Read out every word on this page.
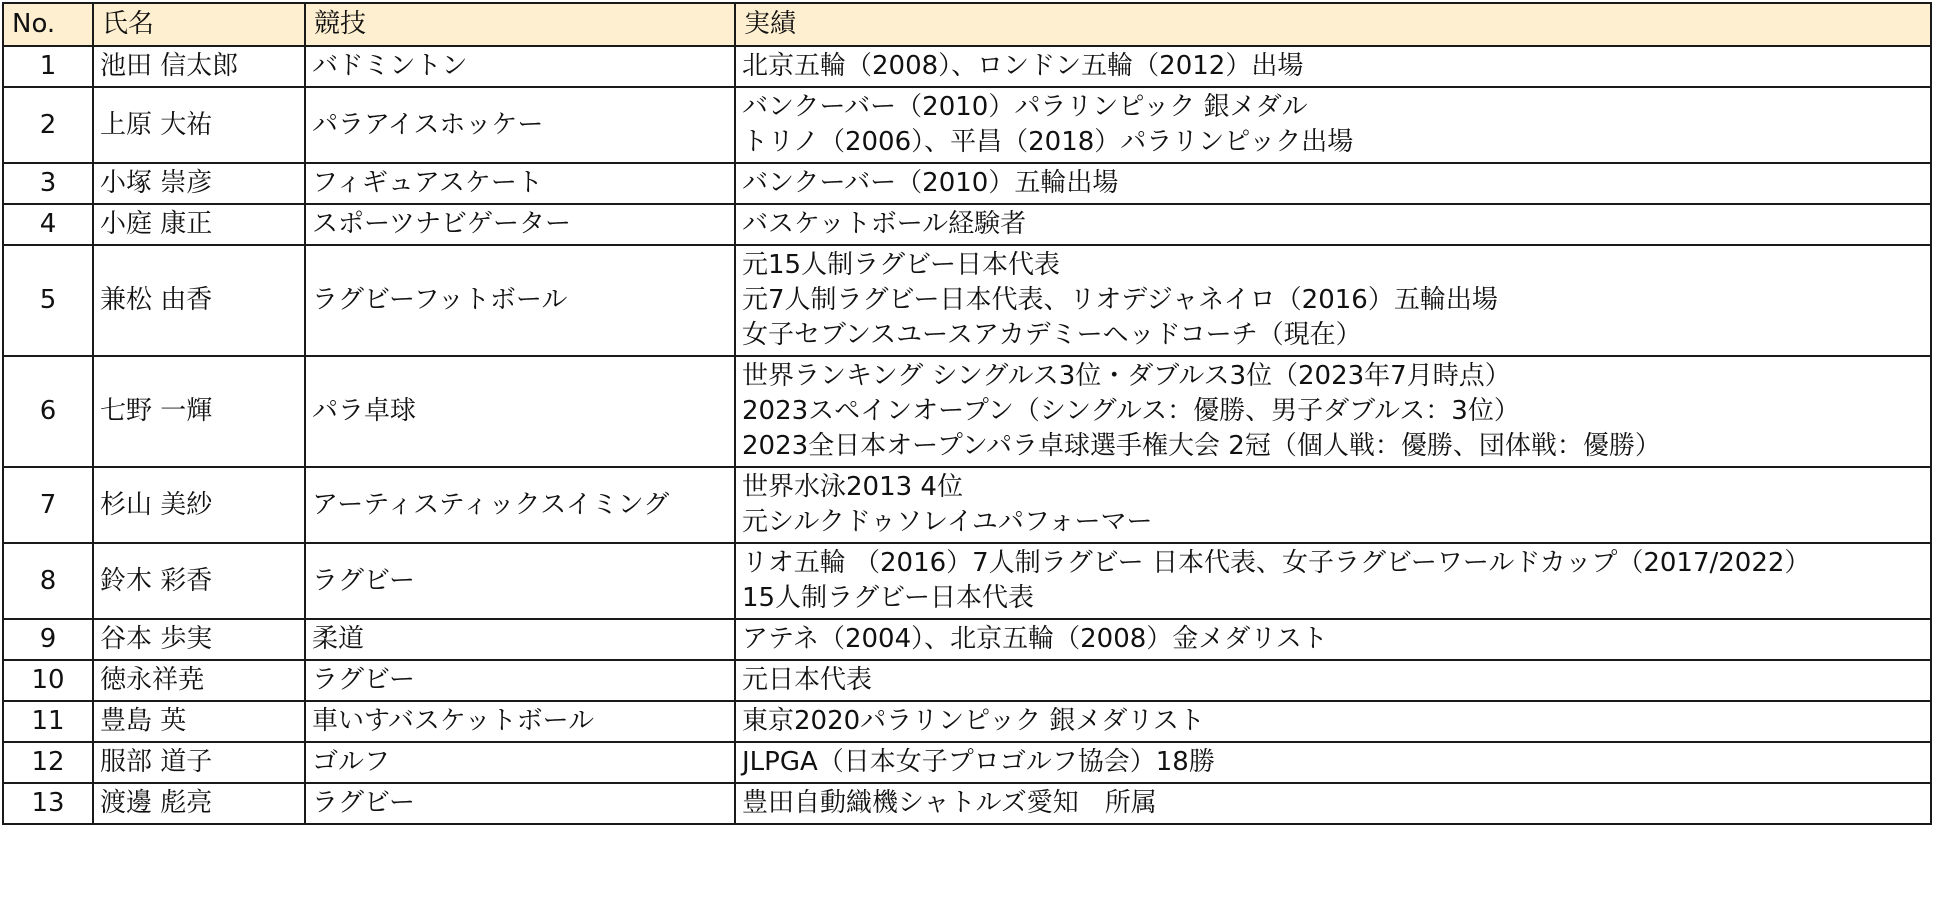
No.	氏名	競技	実績
1	池田 信太郎	バドミントン	北京五輪（2008）、ロンドン五輪（2012）出場

2	上原 大祐	パラアイスホッケー	バンクーバー（2010）パラリンピック 銀メダル
トリノ（2006）、平昌（2018）パラリンピック出場

3	小塚 崇彦	フィギュアスケート	バンクーバー（2010）五輪出場

4	小庭 康正	スポーツナビゲーター	バスケットボール経験者

5	兼松 由香	ラグビーフットボール	元15人制ラグビー日本代表
元7人制ラグビー日本代表、リオデジャネイロ（2016）五輪出場
女子セブンスユースアカデミーヘッドコーチ（現在）

6	七野 一輝	パラ卓球	世界ランキング シングルス3位・ダブルス3位（2023年7月時点）
2023スペインオープン（シングルス：優勝、男子ダブルス：3位）
2023全日本オープンパラ卓球選手権大会 2冠（個人戦：優勝、団体戦：優勝）

7	杉山 美紗	アーティスティックスイミング	世界水泳2013 4位
元シルクドゥソレイユパフォーマー

8	鈴木 彩香	ラグビー	リオ五輪 （2016）7人制ラグビー 日本代表、女子ラグビーワールドカップ（2017/2022）
15人制ラグビー日本代表

9	谷本 歩実	柔道	アテネ（2004）、北京五輪（2008）金メダリスト

10	徳永祥尭	ラグビー	元日本代表

11	豊島 英	車いすバスケットボール	東京2020パラリンピック 銀メダリスト

12	服部 道子	ゴルフ	JLPGA（日本女子プロゴルフ協会）18勝

13	渡邊 彪亮	ラグビー	豊田自動織機シャトルズ愛知　所属
